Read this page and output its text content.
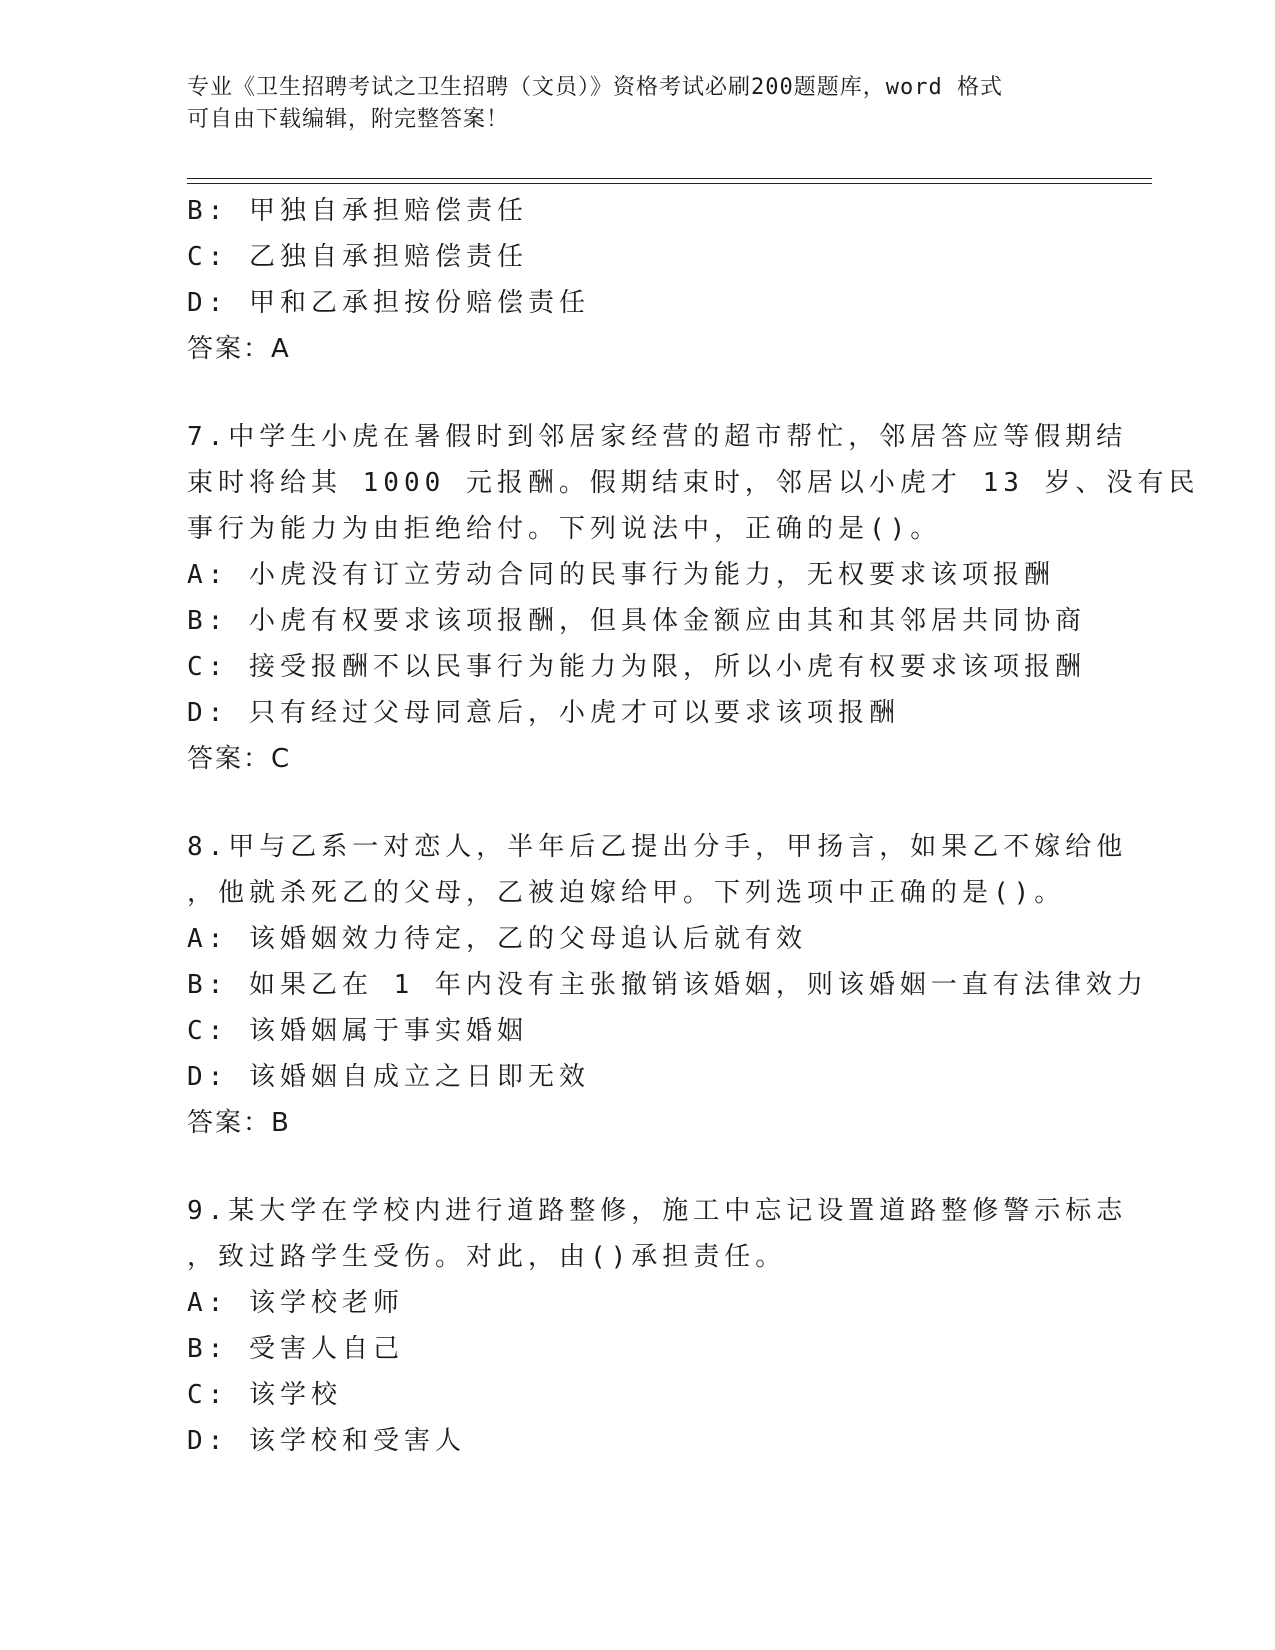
专业《卫生招聘考试之卫生招聘（文员）》资格考试必刷200题题库，word 格式
可自由下载编辑，附完整答案！
B: 甲独自承担赔偿责任
C: 乙独自承担赔偿责任
D: 甲和乙承担按份赔偿责任
答案：A
7.中学生小虎在暑假时到邻居家经营的超市帮忙，邻居答应等假期结
束时将给其 1000 元报酬。假期结束时，邻居以小虎才 13 岁、没有民
事行为能力为由拒绝给付。下列说法中，正确的是()。
A: 小虎没有订立劳动合同的民事行为能力，无权要求该项报酬
B: 小虎有权要求该项报酬，但具体金额应由其和其邻居共同协商
C: 接受报酬不以民事行为能力为限，所以小虎有权要求该项报酬
D: 只有经过父母同意后，小虎才可以要求该项报酬
答案：C
8.甲与乙系一对恋人，半年后乙提出分手，甲扬言，如果乙不嫁给他
，他就杀死乙的父母，乙被迫嫁给甲。下列选项中正确的是()。
A: 该婚姻效力待定，乙的父母追认后就有效
B: 如果乙在 1 年内没有主张撤销该婚姻，则该婚姻一直有法律效力
C: 该婚姻属于事实婚姻
D: 该婚姻自成立之日即无效
答案：B
9.某大学在学校内进行道路整修，施工中忘记设置道路整修警示标志
，致过路学生受伤。对此，由()承担责任。
A: 该学校老师
B: 受害人自己
C: 该学校
D: 该学校和受害人
